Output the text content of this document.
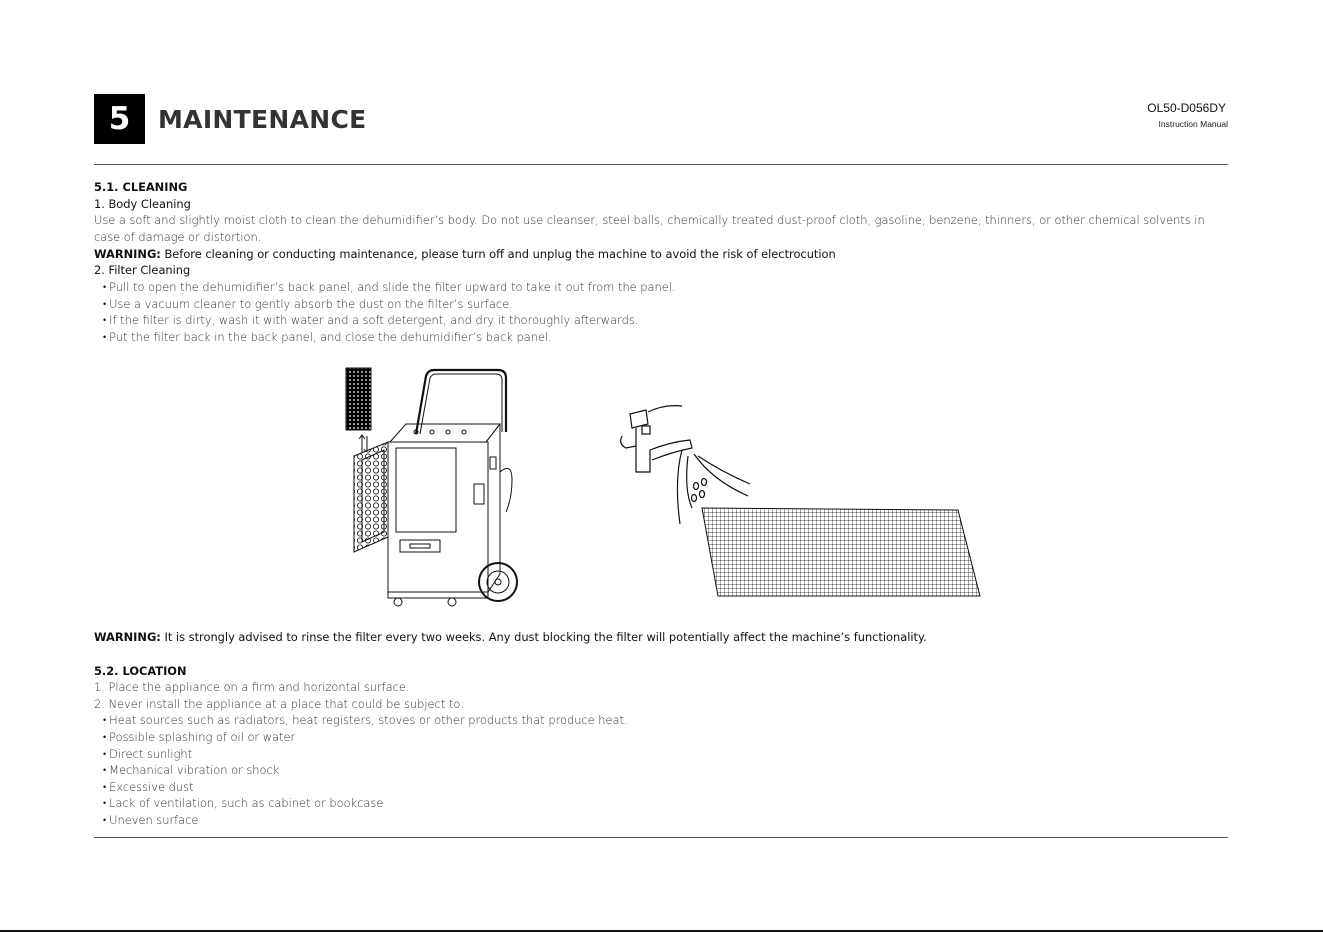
5 MAINTENANCE	OL50-D056DY
Instruction Manual
5.1. CLEANING
1. Body Cleaning
Use a soft and slightly moist cloth to clean the dehumidifier’s body. Do not use cleanser, steel balls, chemically treated dust-proof cloth, gasoline, benzene, thinners, or other chemical solvents in
case of damage or distortion.
WARNING: Before cleaning or conducting maintenance, please turn off and unplug the machine to avoid the risk of electrocution
2. Filter Cleaning
• Pull to open the dehumidifier’s back panel, and slide the filter upward to take it out from the panel.
• Use a vacuum cleaner to gently absorb the dust on the filter’s surface.
• If the filter is dirty, wash it with water and a soft detergent, and dry it thoroughly afterwards.
• Put the filter back in the back panel, and close the dehumidifier’s back panel.
WARNING: It is strongly advised to rinse the filter every two weeks. Any dust blocking the filter will potentially affect the machine’s functionality.
5.2. LOCATION
1. Place the appliance on a firm and horizontal surface.
2. Never install the appliance at a place that could be subject to:
• Heat sources such as radiators, heat registers, stoves or other products that produce heat.
• Possible splashing of oil or water
• Direct sunlight
• Mechanical vibration or shock
• Excessive dust
• Lack of ventilation, such as cabinet or bookcase
• Uneven surface
